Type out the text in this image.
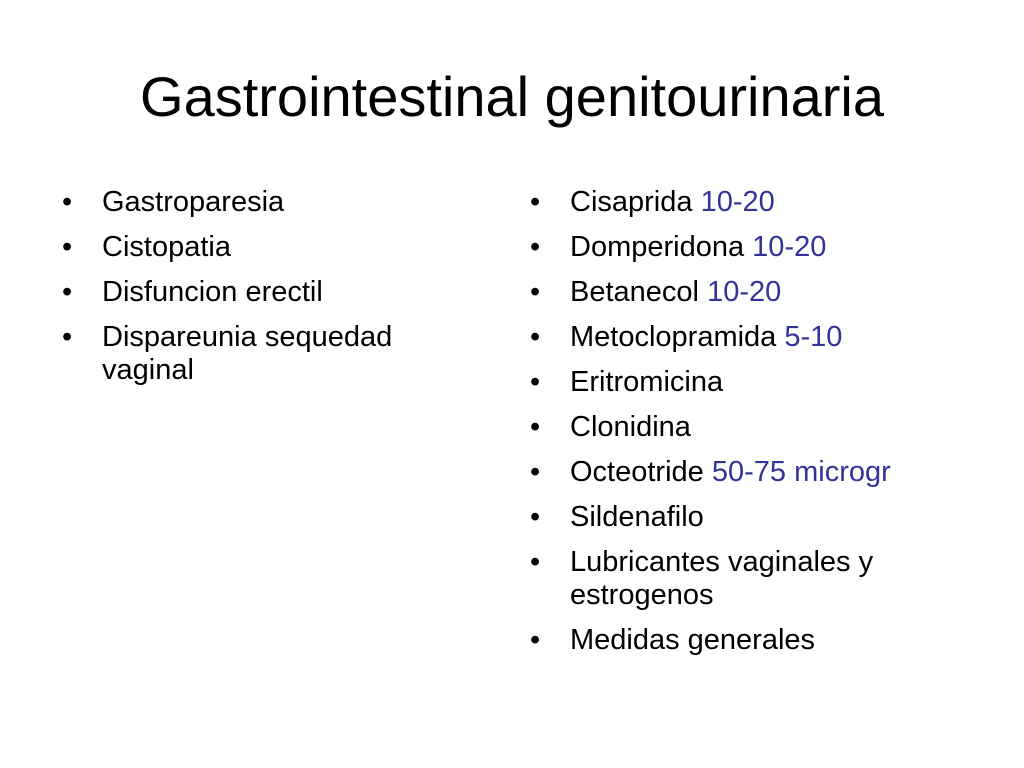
Gastrointestinal genitourinaria
• Gastroparesia
• Cistopatia
• Disfuncion erectil
• Dispareunia sequedad vaginal
• Cisaprida 10-20
• Domperidona 10-20
• Betanecol 10-20
• Metoclopramida 5-10
• Eritromicina
• Clonidina
• Octeotride 50-75 microgr
• Sildenafilo
• Lubricantes vaginales y estrogenos
• Medidas generales
